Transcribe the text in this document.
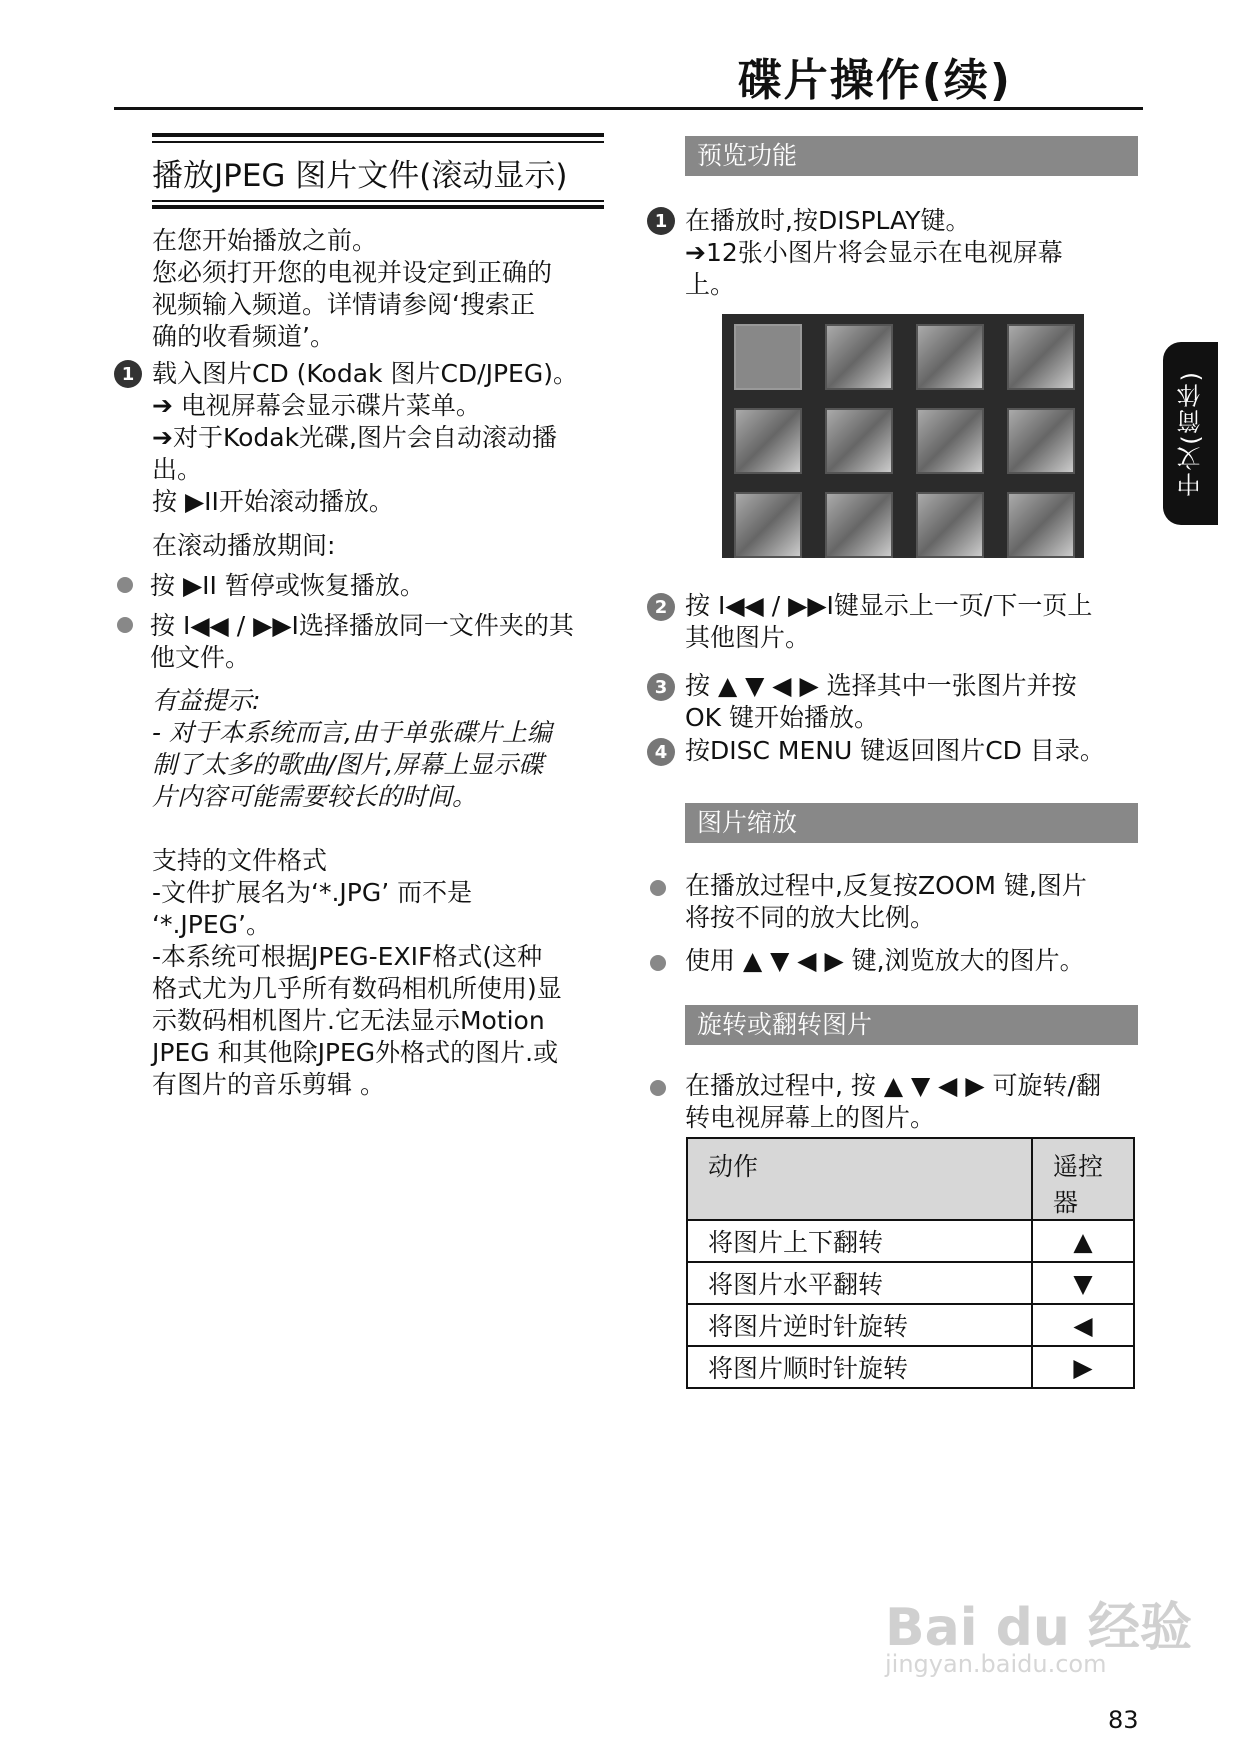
碟片操作(续)
中文(简体)
播放JPEG 图片文件(滚动显示)
在您开始播放之前。
您必须打开您的电视并设定到正确的
视频输入频道。详情请参阅‘搜索正
确的收看频道’。
1 载入图片CD (Kodak 图片CD/JPEG)。
➔ 电视屏幕会显示碟片菜单。
➔对于Kodak光碟,图片会自动滚动播
出。
按 ▶II开始滚动播放。
在滚动播放期间:
按 ▶II 暂停或恢复播放。
按 I◀◀ / ▶▶I选择播放同一文件夹的其
他文件。
有益提示:
- 对于本系统而言,由于单张碟片上编
制了太多的歌曲/图片,屏幕上显示碟
片内容可能需要较长的时间。
支持的文件格式
-文件扩展名为‘*.JPG’ 而不是
‘*.JPEG’。
-本系统可根据JPEG-EXIF格式(这种
格式尤为几乎所有数码相机所使用)显
示数码相机图片.它无法显示Motion
JPEG 和其他除JPEG外格式的图片.或
有图片的音乐剪辑 。
预览功能
1 在播放时,按DISPLAY键。
➔12张小图片将会显示在电视屏幕
上。
2 按 I◀◀ / ▶▶I键显示上一页/下一页上
其他图片。
3 按 ▲ ▼ ◀ ▶ 选择其中一张图片并按
OK 键开始播放。
4 按DISC MENU 键返回图片CD 目录。
图片缩放
在播放过程中,反复按ZOOM 键,图片
将按不同的放大比例。
使用 ▲ ▼ ◀ ▶ 键,浏览放大的图片。
旋转或翻转图片
在播放过程中, 按 ▲ ▼ ◀ ▶ 可旋转/翻
转电视屏幕上的图片。
动作	遥控器
将图片上下翻转	▲
将图片水平翻转	▼
将图片逆时针旋转	◀
将图片顺时针旋转	▶
Bai du 经验
jingyan.baidu.com
83
